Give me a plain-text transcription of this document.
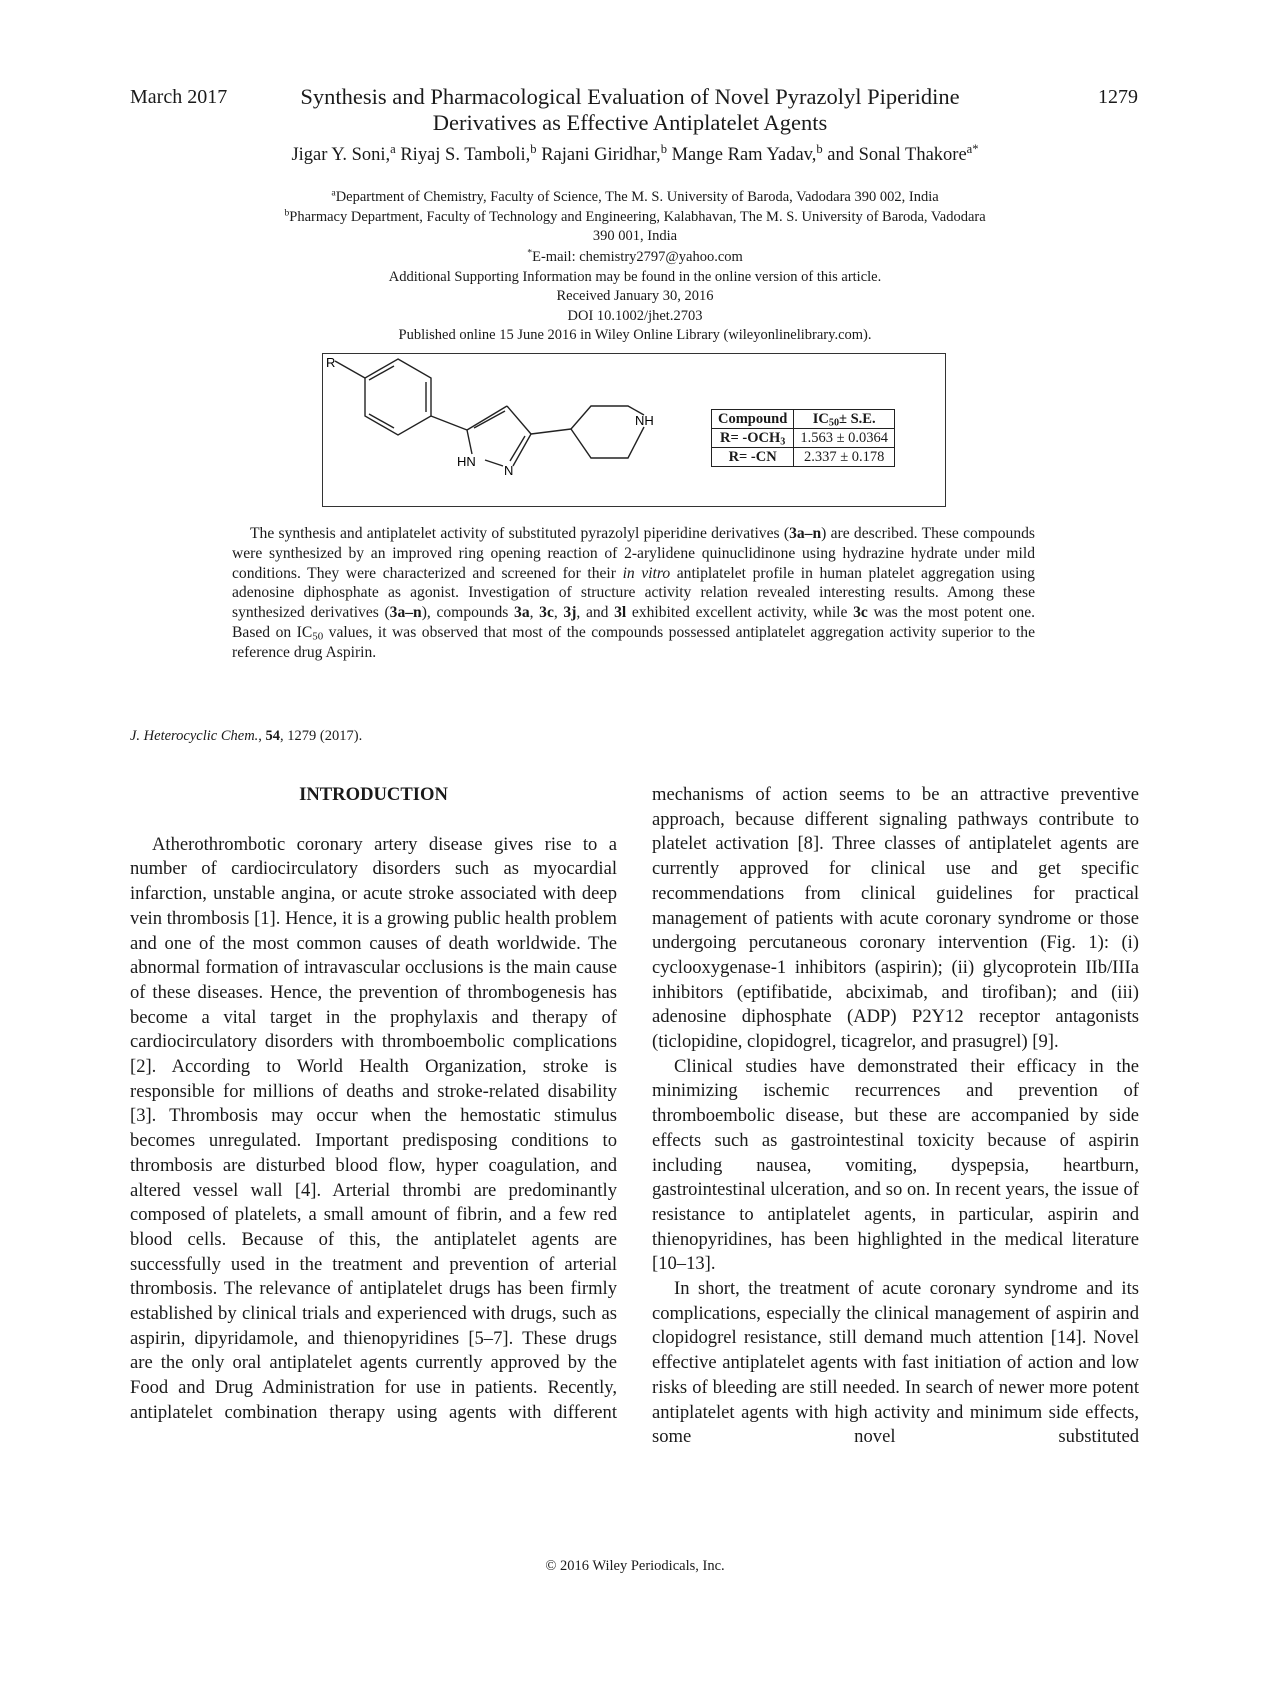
March 2017	Synthesis and Pharmacological Evaluation of Novel Pyrazolyl Piperidine
Derivatives as Effective Antiplatelet Agents
1279
Jigar Y. Soni,$^a$ Riyaj S. Tamboli,$^b$ Rajani Giridhar,$^b$ Mange Ram Yadav,$^b$ and Sonal Thakore$^{a*}$
$^a$Department of Chemistry, Faculty of Science, The M. S. University of Baroda, Vadodara 390 002, India
$^b$Pharmacy Department, Faculty of Technology and Engineering, Kalabhavan, The M. S. University of Baroda, Vadodara
390 001, India
*E-mail: chemistry2797@yahoo.com
Additional Supporting Information may be found in the online version of this article.
Received January 30, 2016
DOI 10.1002/jhet.2703
Published online 15 June 2016 in Wiley Online Library (wileyonlinelibrary.com).
R
NH
HN
N
Compound	$IC_{50}\pm S.E$.
$R= -OCH_3$	1.563 ± 0.0364
R= -CN	2.337 ± 0.178
The synthesis and antiplatelet activity of substituted pyrazolyl piperidine derivatives (3a–n) are described. These compounds were synthesized by an improved ring opening reaction of 2-arylidene quinuclidinone using hydrazine hydrate under mild conditions. They were characterized and screened for their in vitro antiplatelet profile in human platelet aggregation using adenosine diphosphate as agonist. Investigation of structure activity relation revealed interesting results. Among these synthesized derivatives (3a–n), compounds 3a, 3c, 3j, and 3l exhibited excellent activity, while 3c was the most potent one. Based on $IC_{50}$ values, it was observed that most of the compounds possessed antiplatelet aggregation activity superior to the reference drug Aspirin.
J. Heterocyclic Chem., 54, 1279 (2017).
INTRODUCTION

Atherothrombotic coronary artery disease gives rise to a number of cardiocirculatory disorders such as myocardial infarction, unstable angina, or acute stroke associated with deep vein thrombosis [1]. Hence, it is a growing public health problem and one of the most common causes of death worldwide. The abnormal formation of intravascular occlusions is the main cause of these diseases. Hence, the prevention of thrombogenesis has become a vital target in the prophylaxis and therapy of cardiocirculatory disorders with thromboembolic complications [2]. According to World Health Organization, stroke is responsible for millions of deaths and stroke-related disability [3]. Thrombosis may occur when the hemostatic stimulus becomes unregulated. Important predisposing conditions to thrombosis are disturbed blood flow, hyper coagulation, and altered vessel wall [4]. Arterial thrombi are predominantly composed of platelets, a small amount of fibrin, and a few red blood cells. Because of this, the antiplatelet agents are successfully used in the treatment and prevention of arterial thrombosis. The relevance of antiplatelet drugs has been firmly established by clinical trials and experienced with drugs, such as aspirin, dipyridamole, and thienopyridines [5–7]. These drugs are the only oral antiplatelet agents currently approved by the Food and Drug Administration for use in patients. Recently, antiplatelet combination therapy using agents with different

mechanisms of action seems to be an attractive preventive approach, because different signaling pathways contribute to platelet activation [8]. Three classes of antiplatelet agents are currently approved for clinical use and get specific recommendations from clinical guidelines for practical management of patients with acute coronary syndrome or those undergoing percutaneous coronary intervention (Fig. 1): (i) cyclooxygenase-1 inhibitors (aspirin); (ii) glycoprotein IIb/IIIa inhibitors (eptifibatide, abciximab, and tirofiban); and (iii) adenosine diphosphate (ADP) P2Y12 receptor antagonists (ticlopidine, clopidogrel, ticagrelor, and prasugrel) [9].

Clinical studies have demonstrated their efficacy in the minimizing ischemic recurrences and prevention of thromboembolic disease, but these are accompanied by side effects such as gastrointestinal toxicity because of aspirin including nausea, vomiting, dyspepsia, heartburn, gastrointestinal ulceration, and so on. In recent years, the issue of resistance to antiplatelet agents, in particular, aspirin and thienopyridines, has been highlighted in the medical literature [10–13].

In short, the treatment of acute coronary syndrome and its complications, especially the clinical management of aspirin and clopidogrel resistance, still demand much attention [14]. Novel effective antiplatelet agents with fast initiation of action and low risks of bleeding are still needed. In search of newer more potent antiplatelet agents with high activity and minimum side effects, some novel substituted

© 2016 Wiley Periodicals, Inc.
